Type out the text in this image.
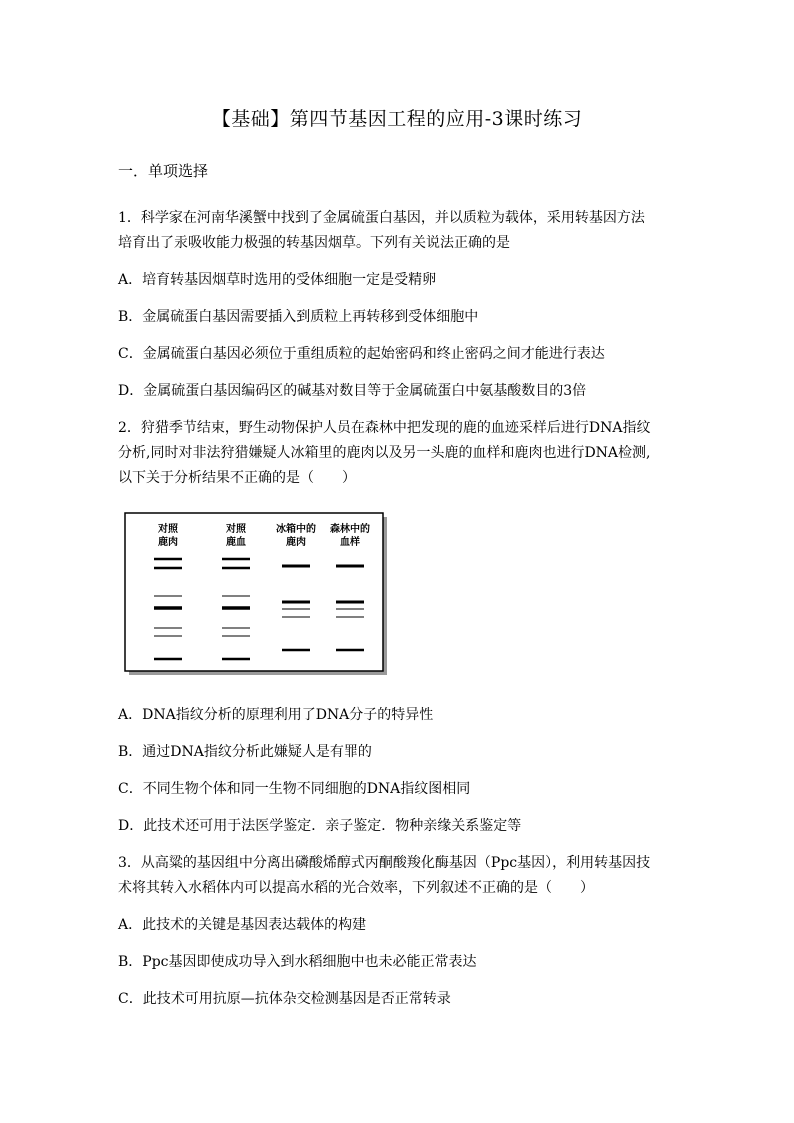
【基础】第四节基因工程的应用-3课时练习
一．单项选择

1．科学家在河南华溪蟹中找到了金属硫蛋白基因，并以质粒为载体，采用转基因方法

培育出了汞吸收能力极强的转基因烟草。下列有关说法正确的是

A．培育转基因烟草时选用的受体细胞一定是受精卵

B．金属硫蛋白基因需要插入到质粒上再转移到受体细胞中

C．金属硫蛋白基因必须位于重组质粒的起始密码和终止密码之间才能进行表达

D．金属硫蛋白基因编码区的碱基对数目等于金属硫蛋白中氨基酸数目的3倍

2．狩猎季节结束，野生动物保护人员在森林中把发现的鹿的血迹采样后进行DNA指纹

分析,同时对非法狩猎嫌疑人冰箱里的鹿肉以及另一头鹿的血样和鹿肉也进行DNA检测,

以下关于分析结果不正确的是（　　）

对照
鹿肉
对照
鹿血
冰箱中的
鹿肉
森林中的
血样

A．DNA指纹分析的原理利用了DNA分子的特异性

B．通过DNA指纹分析此嫌疑人是有罪的

C．不同生物个体和同一生物不同细胞的DNA指纹图相同

D．此技术还可用于法医学鉴定．亲子鉴定．物种亲缘关系鉴定等

3．从高粱的基因组中分离出磷酸烯醇式丙酮酸羧化酶基因（Ppc基因），利用转基因技

术将其转入水稻体内可以提高水稻的光合效率，下列叙述不正确的是（　　）

A．此技术的关键是基因表达载体的构建

B．Ppc基因即使成功导入到水稻细胞中也未必能正常表达

C．此技术可用抗原—抗体杂交检测基因是否正常转录
